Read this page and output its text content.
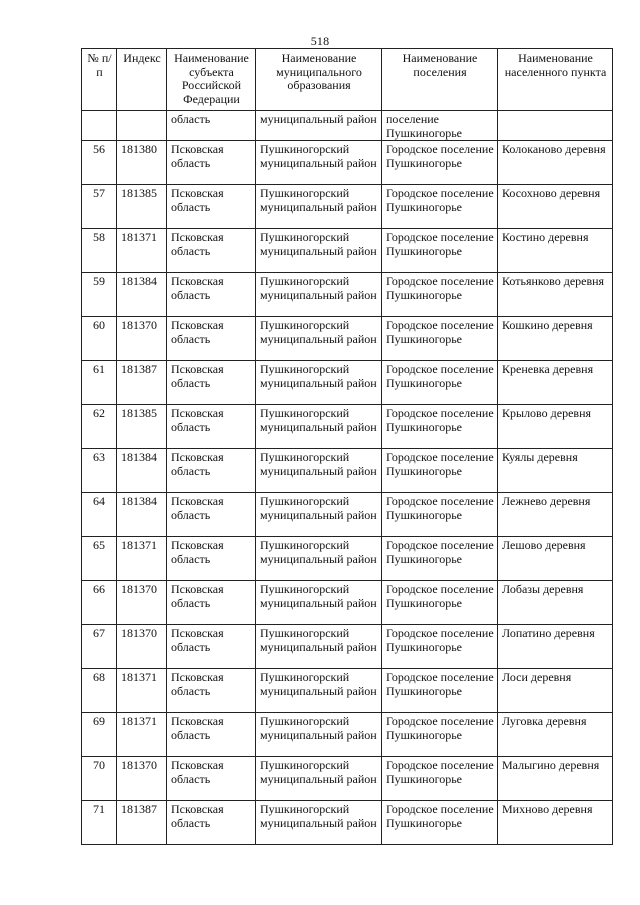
518
№ п/п	Индекс	Наименование субъекта Российской Федерации	Наименование муниципального образования	Наименование поселения	Наименование населенного пункта
		область	муниципальный район	поселение Пушкиногорье	
56	181380	Псковская область	Пушкиногорский муниципальный район	Городское поселение Пушкиногорье	Колоканово деревня
57	181385	Псковская область	Пушкиногорский муниципальный район	Городское поселение Пушкиногорье	Косохново деревня
58	181371	Псковская область	Пушкиногорский муниципальный район	Городское поселение Пушкиногорье	Костино деревня
59	181384	Псковская область	Пушкиногорский муниципальный район	Городское поселение Пушкиногорье	Котьянково деревня
60	181370	Псковская область	Пушкиногорский муниципальный район	Городское поселение Пушкиногорье	Кошкино деревня
61	181387	Псковская область	Пушкиногорский муниципальный район	Городское поселение Пушкиногорье	Креневка деревня
62	181385	Псковская область	Пушкиногорский муниципальный район	Городское поселение Пушкиногорье	Крылово деревня
63	181384	Псковская область	Пушкиногорский муниципальный район	Городское поселение Пушкиногорье	Куялы деревня
64	181384	Псковская область	Пушкиногорский муниципальный район	Городское поселение Пушкиногорье	Лежнево деревня
65	181371	Псковская область	Пушкиногорский муниципальный район	Городское поселение Пушкиногорье	Лешово деревня
66	181370	Псковская область	Пушкиногорский муниципальный район	Городское поселение Пушкиногорье	Лобазы деревня
67	181370	Псковская область	Пушкиногорский муниципальный район	Городское поселение Пушкиногорье	Лопатино деревня
68	181371	Псковская область	Пушкиногорский муниципальный район	Городское поселение Пушкиногорье	Лоси деревня
69	181371	Псковская область	Пушкиногорский муниципальный район	Городское поселение Пушкиногорье	Луговка деревня
70	181370	Псковская область	Пушкиногорский муниципальный район	Городское поселение Пушкиногорье	Малыгино деревня
71	181387	Псковская область	Пушкиногорский муниципальный район	Городское поселение Пушкиногорье	Михново деревня
